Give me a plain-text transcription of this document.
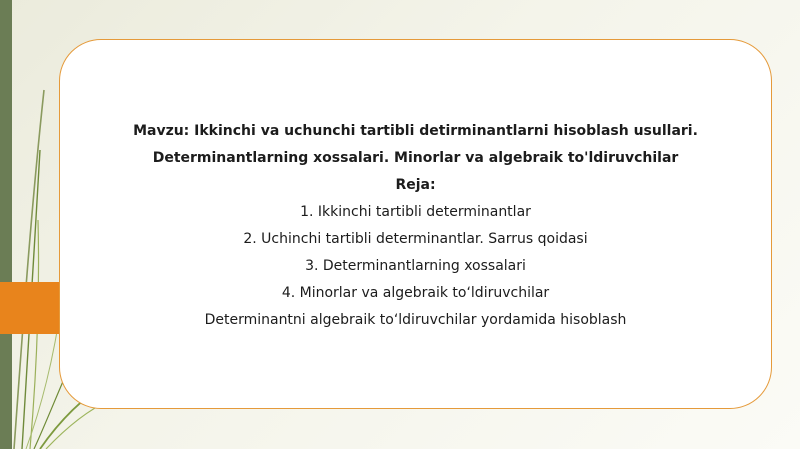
Mavzu: Ikkinchi va uchunchi tartibli detirminantlarni hisoblash usullari.
Determinantlarning xossalari. Minorlar va algebraik to'ldiruvchilar
Reja:
1. Ikkinchi tartibli determinantlar
2. Uchinchi tartibli determinantlar. Sarrus qoidasi
3. Determinantlarning xossalari
4. Minorlar va algebraik to‘ldiruvchilar
Determinantni algebraik to‘ldiruvchilar yordamida hisoblash
